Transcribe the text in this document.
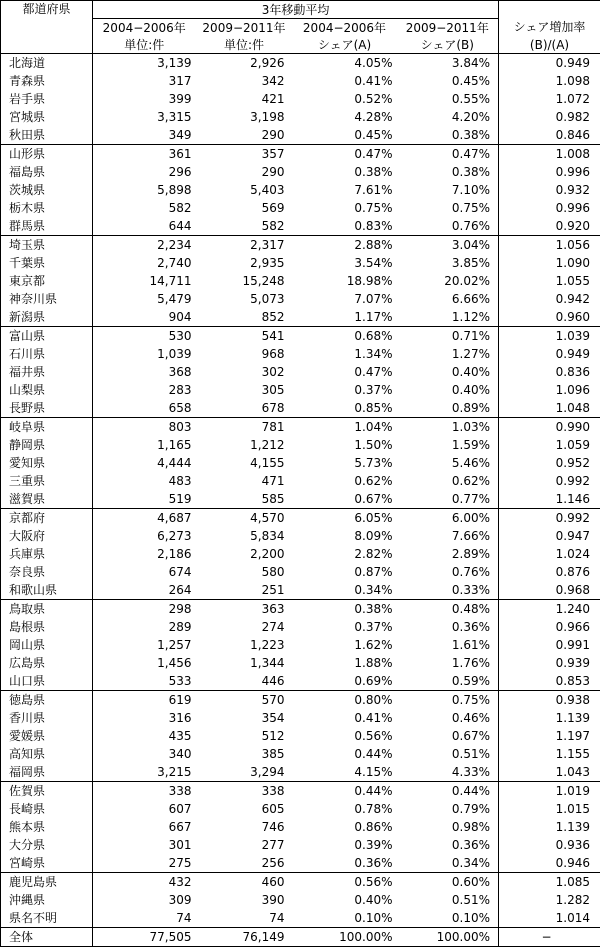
都道府県	3年移動平均				
	2004−2006年	2009−2011年	2004−2006年	2009−2011年	シェア増加率
	単位:件	単位:件	シェア(A)	シェア(B)	(B)/(A)
北海道	3,139	2,926	4.05%	3.84%	0.949
青森県	317	342	0.41%	0.45%	1.098
岩手県	399	421	0.52%	0.55%	1.072
宮城県	3,315	3,198	4.28%	4.20%	0.982
秋田県	349	290	0.45%	0.38%	0.846
山形県	361	357	0.47%	0.47%	1.008
福島県	296	290	0.38%	0.38%	0.996
茨城県	5,898	5,403	7.61%	7.10%	0.932
栃木県	582	569	0.75%	0.75%	0.996
群馬県	644	582	0.83%	0.76%	0.920
埼玉県	2,234	2,317	2.88%	3.04%	1.056
千葉県	2,740	2,935	3.54%	3.85%	1.090
東京都	14,711	15,248	18.98%	20.02%	1.055
神奈川県	5,479	5,073	7.07%	6.66%	0.942
新潟県	904	852	1.17%	1.12%	0.960
富山県	530	541	0.68%	0.71%	1.039
石川県	1,039	968	1.34%	1.27%	0.949
福井県	368	302	0.47%	0.40%	0.836
山梨県	283	305	0.37%	0.40%	1.096
長野県	658	678	0.85%	0.89%	1.048
岐阜県	803	781	1.04%	1.03%	0.990
静岡県	1,165	1,212	1.50%	1.59%	1.059
愛知県	4,444	4,155	5.73%	5.46%	0.952
三重県	483	471	0.62%	0.62%	0.992
滋賀県	519	585	0.67%	0.77%	1.146
京都府	4,687	4,570	6.05%	6.00%	0.992
大阪府	6,273	5,834	8.09%	7.66%	0.947
兵庫県	2,186	2,200	2.82%	2.89%	1.024
奈良県	674	580	0.87%	0.76%	0.876
和歌山県	264	251	0.34%	0.33%	0.968
鳥取県	298	363	0.38%	0.48%	1.240
島根県	289	274	0.37%	0.36%	0.966
岡山県	1,257	1,223	1.62%	1.61%	0.991
広島県	1,456	1,344	1.88%	1.76%	0.939
山口県	533	446	0.69%	0.59%	0.853
徳島県	619	570	0.80%	0.75%	0.938
香川県	316	354	0.41%	0.46%	1.139
愛媛県	435	512	0.56%	0.67%	1.197
高知県	340	385	0.44%	0.51%	1.155
福岡県	3,215	3,294	4.15%	4.33%	1.043
佐賀県	338	338	0.44%	0.44%	1.019
長崎県	607	605	0.78%	0.79%	1.015
熊本県	667	746	0.86%	0.98%	1.139
大分県	301	277	0.39%	0.36%	0.936
宮崎県	275	256	0.36%	0.34%	0.946
鹿児島県	432	460	0.56%	0.60%	1.085
沖縄県	309	390	0.40%	0.51%	1.282
県名不明	74	74	0.10%	0.10%	1.014
全体	77,505	76,149	100.00%	100.00%	−
